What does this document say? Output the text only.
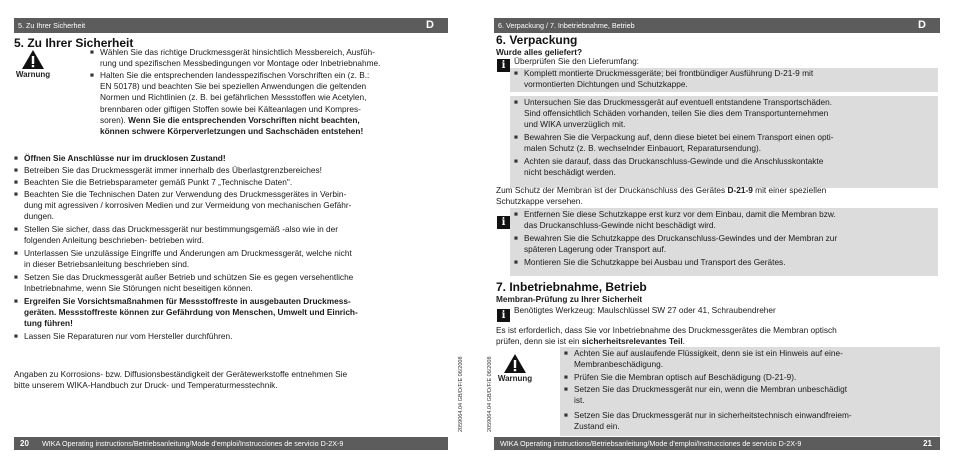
5. Zu Ihrer Sicherheit	D
5. Zu Ihrer Sicherheit
Warnung
■ Wählen Sie das richtige Druckmessgerät hinsichtlich Messbereich, Ausfüh-
rung und spezifischen Messbedingungen vor Montage oder Inbetriebnahme.
■ Halten Sie die entsprechenden landesspezifischen Vorschriften ein (z. B.:
EN 50178) und beachten Sie bei speziellen Anwendungen die geltenden
Normen und Richtlinien (z. B. bei gefährlichen Messstoffen wie Acetylen,
brennbaren oder giftigen Stoffen sowie bei Kälteanlagen und Kompres-
soren). Wenn Sie die entsprechenden Vorschriften nicht beachten,
können schwere Körperverletzungen und Sachschäden entstehen!
■ Öffnen Sie Anschlüsse nur im drucklosen Zustand!
■ Betreiben Sie das Druckmessgerät immer innerhalb des Überlastgrenzbereiches!
■ Beachten Sie die Betriebsparameter gemäß Punkt 7 „Technische Daten".
■ Beachten Sie die Technischen Daten zur Verwendung des Druckmessgerätes in Verbin-
dung mit agressiven / korrosiven Medien und zur Vermeidung von mechanischen Gefähr-
dungen.
■ Stellen Sie sicher, dass das Druckmessgerät nur bestimmungsgemäß -also wie in der
folgenden Anleitung beschrieben- betrieben wird.
■ Unterlassen Sie unzulässige Eingriffe und Änderungen am Druckmessgerät, welche nicht
in dieser Betriebsanleitung beschrieben sind.
■ Setzen Sie das Druckmessgerät außer Betrieb und schützen Sie es gegen versehentliche
Inbetriebnahme, wenn Sie Störungen nicht beseitigen können.
■ Ergreifen Sie Vorsichtsmaßnahmen für Messstoffreste in ausgebauten Druckmess-
geräten. Messstoffreste können zur Gefährdung von Menschen, Umwelt und Einrich-
tung führen!
■ Lassen Sie Reparaturen nur vom Hersteller durchführen.
Angaben zu Korrosions- bzw. Diffusionsbeständigkeit der Gerätewerkstoffe entnehmen Sie
bitte unserem WIKA-Handbuch zur Druck- und Temperaturmesstechnik.	2059064.04 GB/D/F/E 06/2008
20 WIKA Operating instructions/Betriebsanleitung/Mode d'emploi/Instrucciones de servicio D-2X-9
2059064.04 GB/D/F/E 06/2008
6. Verpackung / 7. Inbetriebnahme, Betrieb	D
6. Verpackung
Wurde alles geliefert?
i	Überprüfen Sie den Lieferumfang:
■ Komplett montierte Druckmessgeräte; bei frontbündiger Ausführung D-21-9 mit
vormontierten Dichtungen und Schutzkappe.
■ Untersuchen Sie das Druckmessgerät auf eventuell entstandene Transportschäden.
Sind offensichtlich Schäden vorhanden, teilen Sie dies dem Transportunternehmen
und WIKA unverzüglich mit.
■ Bewahren Sie die Verpackung auf, denn diese bietet bei einem Transport einen opti-
malen Schutz (z. B. wechselnder Einbauort, Reparatursendung).
■ Achten sie darauf, dass das Druckanschluss-Gewinde und die Anschlusskontakte
nicht beschädigt werden.
Zum Schutz der Membran ist der Druckanschluss des Gerätes D-21-9 mit einer speziellen
Schutzkappe versehen.
i
■ Entfernen Sie diese Schutzkappe erst kurz vor dem Einbau, damit die Membran bzw.
das Druckanschluss-Gewinde nicht beschädigt wird.
■ Bewahren Sie die Schutzkappe des Druckanschluss-Gewindes und der Membran zur
späteren Lagerung oder Transport auf.
■ Montieren Sie die Schutzkappe bei Ausbau und Transport des Gerätes.
7. Inbetriebnahme, Betrieb
Membran-Prüfung zu Ihrer Sicherheit
i	Benötigtes Werkzeug: Maulschlüssel SW 27 oder 41, Schraubendreher
Es ist erforderlich, dass Sie vor Inbetriebnahme des Druckmessgerätes die Membran optisch
prüfen, denn sie ist ein sicherheitsrelevantes Teil.
Warnung
■ Achten Sie auf auslaufende Flüssigkeit, denn sie ist ein Hinweis auf eine-
Membranbeschädigung.
■ Prüfen Sie die Membran optisch auf Beschädigung (D-21-9).
■ Setzen Sie das Druckmessgerät nur ein, wenn die Membran unbeschädigt
ist.
■ Setzen Sie das Druckmessgerät nur in sicherheitstechnisch einwandfreiem-
Zustand ein.
WIKA Operating instructions/Betriebsanleitung/Mode d'emploi/Instrucciones de servicio D-2X-9	21
